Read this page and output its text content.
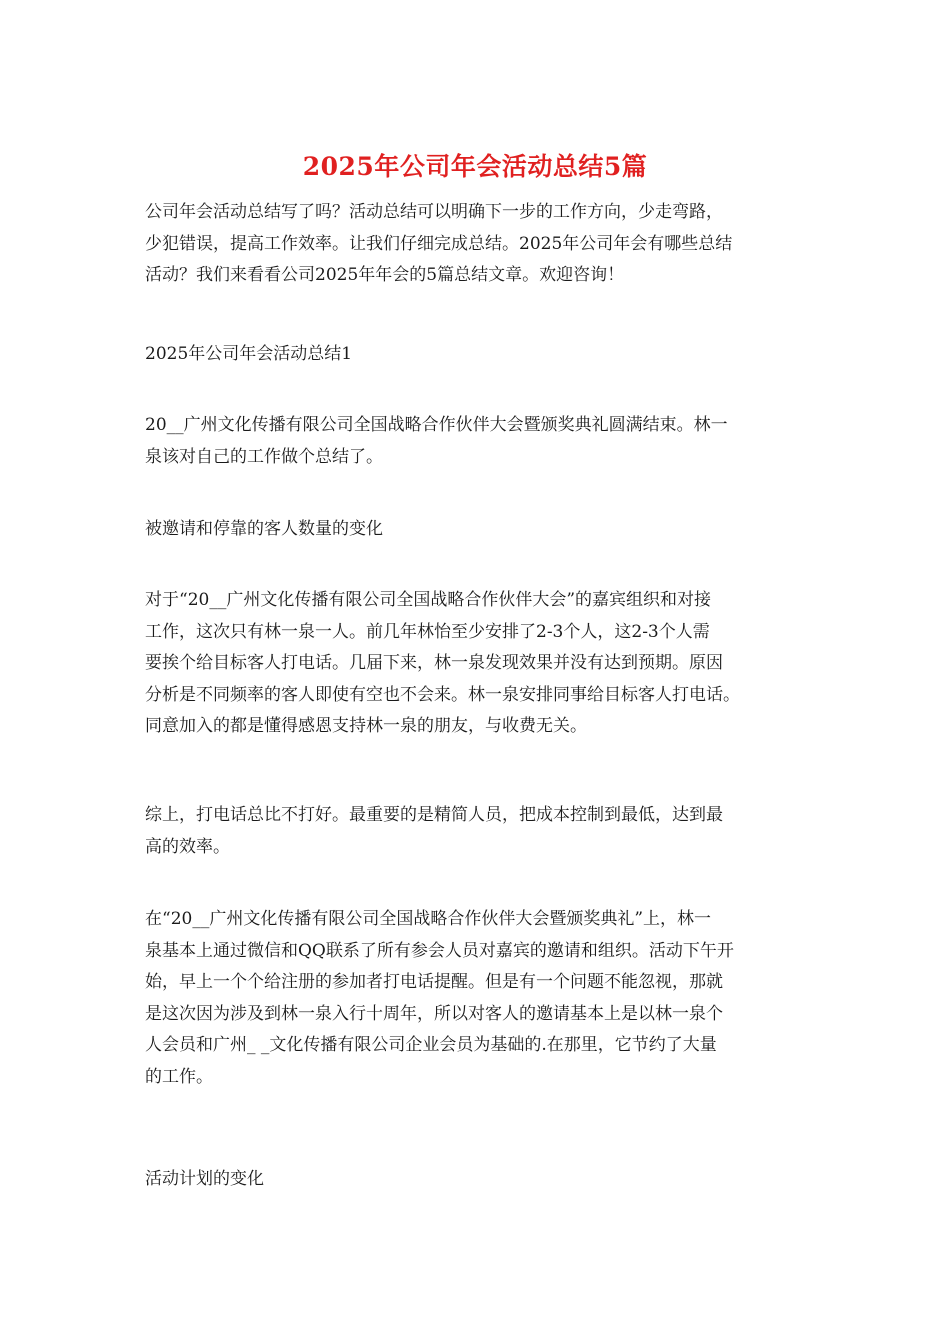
2025年公司年会活动总结5篇
公司年会活动总结写了吗？活动总结可以明确下一步的工作方向，少走弯路，
少犯错误，提高工作效率。让我们仔细完成总结。2025年公司年会有哪些总结
活动？我们来看看公司2025年年会的5篇总结文章。欢迎咨询！
2025年公司年会活动总结1
20__广州文化传播有限公司全国战略合作伙伴大会暨颁奖典礼圆满结束。林一
泉该对自己的工作做个总结了。
被邀请和停靠的客人数量的变化
对于“20__广州文化传播有限公司全国战略合作伙伴大会”的嘉宾组织和对接
工作，这次只有林一泉一人。前几年林怡至少安排了2-3个人，这2-3个人需
要挨个给目标客人打电话。几届下来，林一泉发现效果并没有达到预期。原因
分析是不同频率的客人即使有空也不会来。林一泉安排同事给目标客人打电话。
同意加入的都是懂得感恩支持林一泉的朋友，与收费无关。
综上，打电话总比不打好。最重要的是精简人员，把成本控制到最低，达到最
高的效率。
在“20__广州文化传播有限公司全国战略合作伙伴大会暨颁奖典礼”上，林一
泉基本上通过微信和QQ联系了所有参会人员对嘉宾的邀请和组织。活动下午开
始，早上一个个给注册的参加者打电话提醒。但是有一个问题不能忽视，那就
是这次因为涉及到林一泉入行十周年，所以对客人的邀请基本上是以林一泉个
人会员和广州_ _文化传播有限公司企业会员为基础的.在那里，它节约了大量
的工作。
活动计划的变化
